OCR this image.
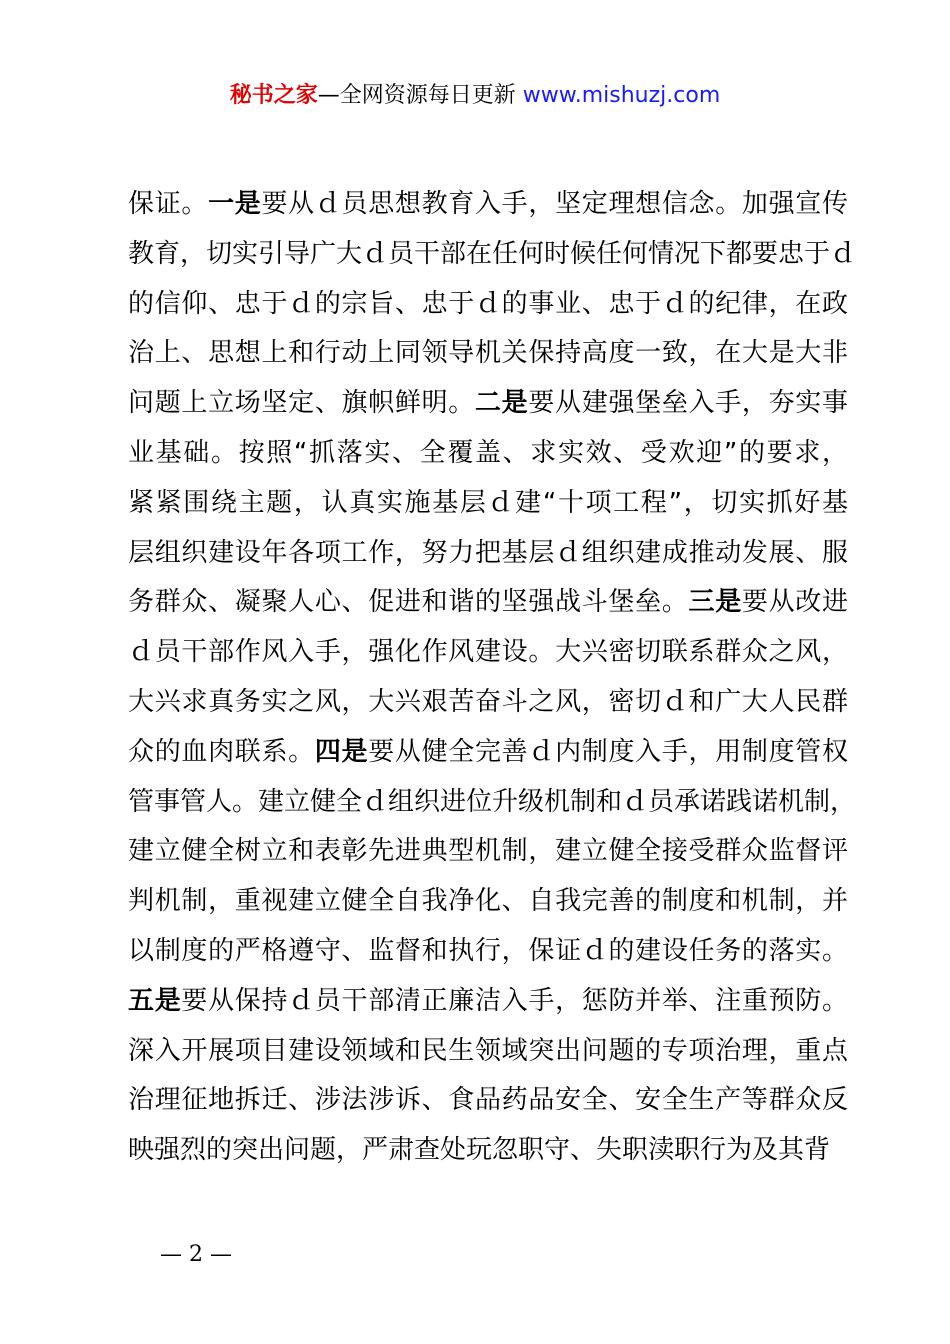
秘书之家—全网资源每日更新 www.mishuzj.com
保证。一是要从ｄ员思想教育入手，坚定理想信念。加强宣传
教育，切实引导广大ｄ员干部在任何时候任何情况下都要忠于ｄ
的信仰、忠于ｄ的宗旨、忠于ｄ的事业、忠于ｄ的纪律，在政
治上、思想上和行动上同领导机关保持高度一致，在大是大非
问题上立场坚定、旗帜鲜明。二是要从建强堡垒入手，夯实事
业基础。按照“抓落实、全覆盖、求实效、受欢迎”的要求，
紧紧围绕主题，认真实施基层ｄ建“十项工程”，切实抓好基
层组织建设年各项工作，努力把基层ｄ组织建成推动发展、服
务群众、凝聚人心、促进和谐的坚强战斗堡垒。三是要从改进
ｄ员干部作风入手，强化作风建设。大兴密切联系群众之风，
大兴求真务实之风，大兴艰苦奋斗之风，密切ｄ和广大人民群
众的血肉联系。四是要从健全完善ｄ内制度入手，用制度管权
管事管人。建立健全ｄ组织进位升级机制和ｄ员承诺践诺机制，
建立健全树立和表彰先进典型机制，建立健全接受群众监督评
判机制，重视建立健全自我净化、自我完善的制度和机制，并
以制度的严格遵守、监督和执行，保证ｄ的建设任务的落实。
五是要从保持ｄ员干部清正廉洁入手，惩防并举、注重预防。
深入开展项目建设领域和民生领域突出问题的专项治理，重点
治理征地拆迁、涉法涉诉、食品药品安全、安全生产等群众反
映强烈的突出问题，严肃查处玩忽职守、失职渎职行为及其背
— 2 —
